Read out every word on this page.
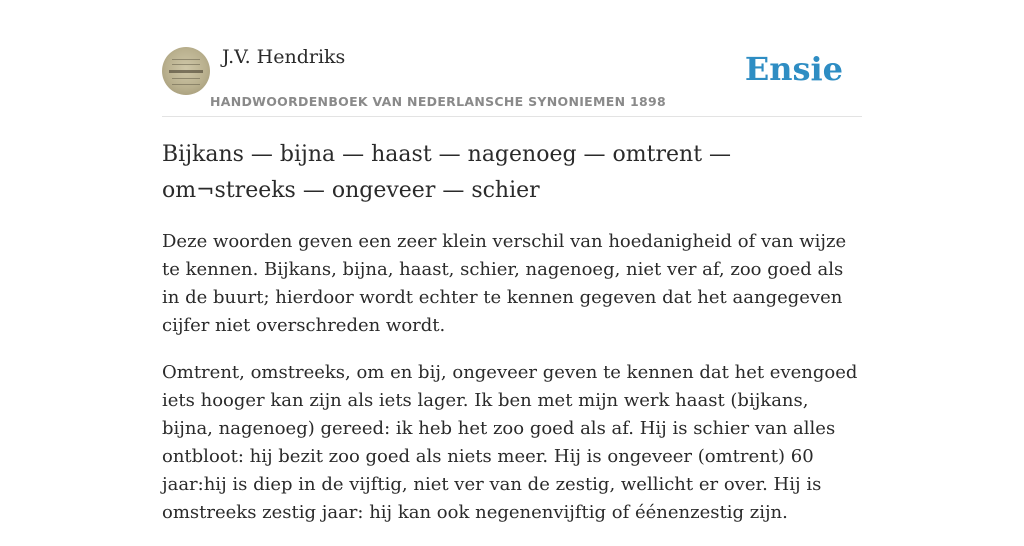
J.V. Hendriks
HANDWOORDENBOEK VAN NEDERLANSCHE SYNONIEMEN 1898
Ensie
Bijkans — bijna — haast — nagenoeg — omtrent — om¬streeks — ongeveer — schier

Deze woorden geven een zeer klein verschil van hoedanigheid of van wijze te kennen. Bijkans, bijna, haast, schier, nagenoeg, niet ver af, zoo goed als in de buurt; hierdoor wordt echter te kennen gegeven dat het aangegeven cijfer niet overschreden wordt.

Omtrent, omstreeks, om en bij, ongeveer geven te kennen dat het evengoed iets hooger kan zijn als iets lager. Ik ben met mijn werk haast (bijkans, bijna, nagenoeg) gereed: ik heb het zoo goed als af. Hij is schier van alles ontbloot: hij bezit zoo goed als niets meer. Hij is ongeveer (omtrent) 60 jaar:hij is diep in de vijftig, niet ver van de zestig, wellicht er over. Hij is omstreeks zestig jaar: hij kan ook negenenvijftig of éénenzestig zijn.
